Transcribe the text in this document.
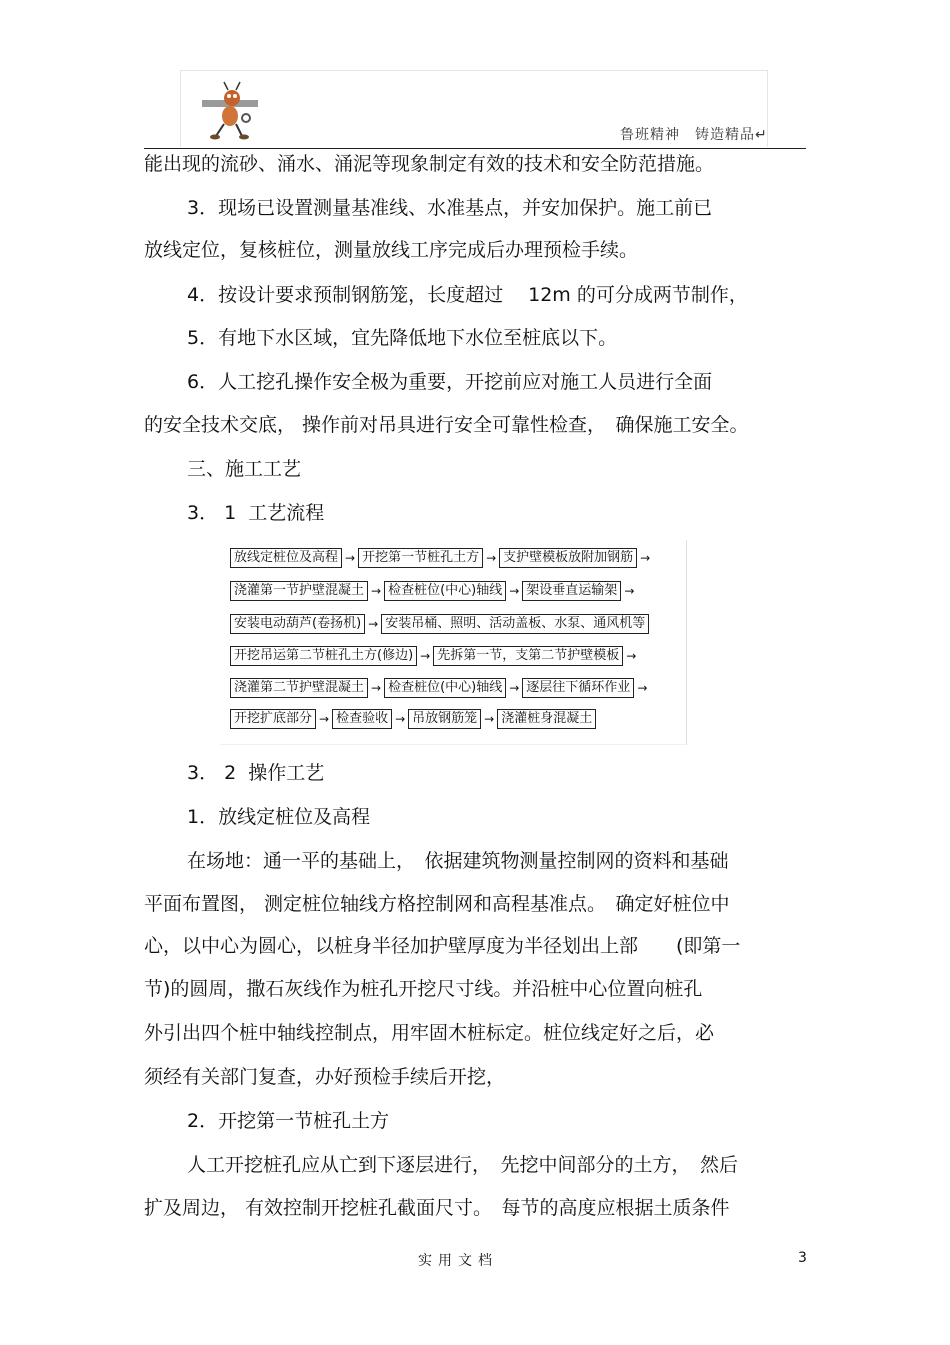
鲁班精神　铸造精品↵
能出现的流砂、涌水、涌泥等现象制定有效的技术和安全防范措施。
3．现场已设置测量基准线、水准基点，并安加保护。施工前已
放线定位，复核桩位，测量放线工序完成后办理预检手续。
4．按设计要求预制钢筋笼，长度超过　 12m 的可分成两节制作，
5．有地下水区域，宜先降低地下水位至桩底以下。
6．人工挖孔操作安全极为重要，开挖前应对施工人员进行全面
的安全技术交底， 操作前对吊具进行安全可靠性检查，　确保施工安全。
三、施工工艺
3． 1  工艺流程
3． 2  操作工艺
1．放线定桩位及高程
在场地：通一平的基础上，　依据建筑物测量控制网的资料和基础
平面布置图， 测定桩位轴线方格控制网和高程基准点。　确定好桩位中
心，以中心为圆心，以桩身半径加护壁厚度为半径划出上部　　(即第一
节)的圆周，撒石灰线作为桩孔开挖尺寸线。并沿桩中心位置向桩孔
外引出四个桩中轴线控制点，用牢固木桩标定。桩位线定好之后，必
须经有关部门复查，办好预检手续后开挖，
2．开挖第一节桩孔土方
人工开挖桩孔应从亡到下逐层进行，　先挖中间部分的土方，　然后
扩及周边， 有效控制开挖桩孔截面尺寸。　每节的高度应根据土质条件
放线定桩位及高程 → 开挖第一节桩孔土方 → 支护壁模板放附加钢筋 →
浇灌第一节护壁混凝土 → 检查桩位(中心)轴线 → 架设垂直运输架 →
安装电动葫芦(卷扬机) → 安装吊桶、照明、活动盖板、水泵、通风机等
开挖吊运第二节桩孔土方(修边) → 先拆第一节，支第二节护壁模板 →
浇灌第二节护壁混凝土 → 检查桩位(中心)轴线 → 逐层往下循环作业 →
开挖扩底部分 → 检查验收 → 吊放钢筋笼 → 浇灌桩身混凝土
实用文档	3
